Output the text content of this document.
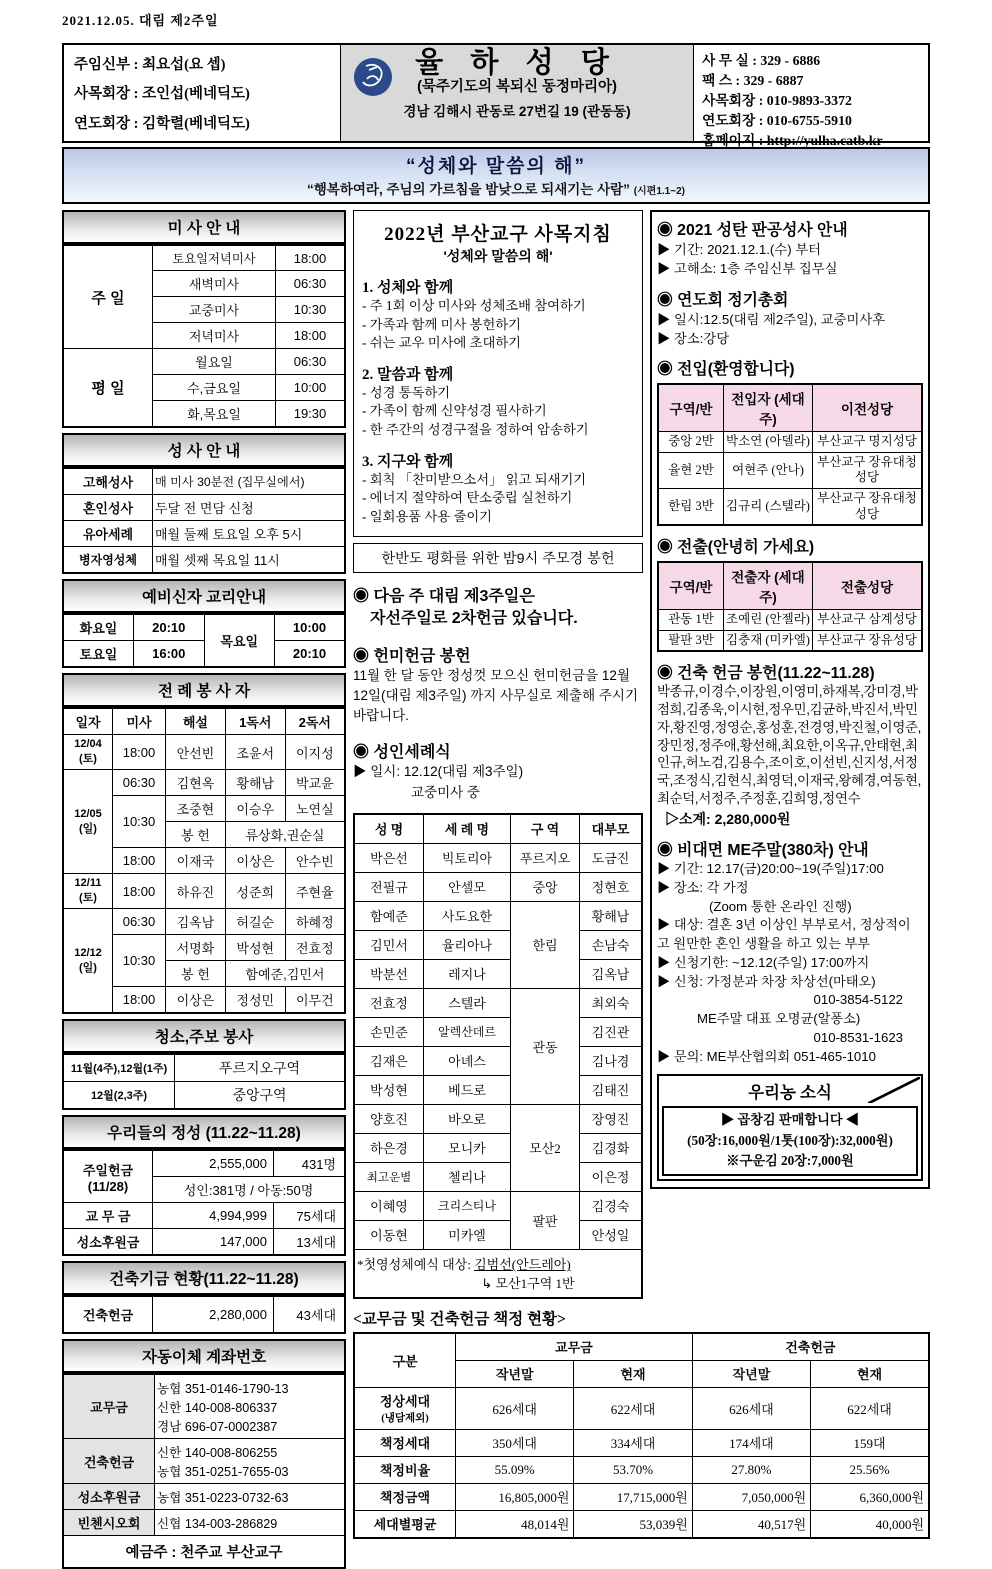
2021.12.05. 대림 제2주일
주임신부 : 최요섭(요 셉)
사목회장 : 조인섭(베네딕도)
연도회장 : 김학렬(베네딕도)
율 하 성 당
(묵주기도의 복되신 동정마리아)
경남 김해시 관동로 27번길 19 (관동동)
사 무 실 : 329 - 6886
팩 스 : 329 - 6887
사목회장 : 010-9893-3372
연도회장 : 010-6755-5910
홈페이지 : http://yulha.catb.kr
“성체와 말씀의 해”
“행복하여라, 주님의 가르침을 밤낮으로 되새기는 사람” (시편1.1~2)
미 사 안 내
주 일	토요일저녁미사	18:00
	새벽미사	06:30
	교중미사	10:30
	저녁미사	18:00
평 일	월요일	06:30
	수,금요일	10:00
	화,목요일	19:30
성 사 안 내
고해성사	매 미사 30분전 (집무실에서)
혼인성사	두달 전 면담 신청
유아세례	매월 둘째 토요일 오후 5시
병자영성체	매월 셋째 목요일 11시
예비신자 교리안내
화요일	20:10	목요일	10:00
토요일	16:00		20:10
전 례 봉 사 자
일자	미사	해설	1독서	2독서
12/04 (토)	18:00	안선빈	조윤서	이지성
12/05 (일)	06:30	김현옥	황해남	박교윤
	10:30	조중현	이승우	노연실
		봉 헌	류상화,권순실	
	18:00	이재국	이상은	안수빈
12/11 (토)	18:00	하유진	성준희	주현율
12/12 (일)	06:30	김옥남	허길순	하혜정
	10:30	서명화	박성현	전효정
		봉 헌	함예준,김민서	
	18:00	이상은	정성민	이무건
청소,주보 봉사
11월(4주),12월(1주)	푸르지오구역
12월(2,3주)	중앙구역
우리들의 정성 (11.22~11.28)
주일헌금
(11/28)	2,555,000	431명
	성인:381명 / 아동:50명	
교 무 금	4,994,999	75세대
성소후원금	147,000	13세대
건축기금 현황(11.22~11.28)
건축헌금	2,280,000	43세대
자동이체 계좌번호
교무금	농협 351-0146-1790-13
신한 140-008-806337
경남 696-07-0002387

건축헌금	신한 140-008-806255
농협 351-0251-7655-03

성소후원금	농협 351-0223-0732-63
빈첸시오회	신협 134-003-286829
예금주 : 천주교 부산교구	
2022년 부산교구 사목지침
'성체와 말씀의 해'
1. 성체와 함께
- 주 1회 이상 미사와 성체조배 참여하기
- 가족과 함께 미사 봉헌하기
- 쉬는 교우 미사에 초대하기
2. 말씀과 함께
- 성경 통독하기
- 가족이 함께 신약성경 필사하기
- 한 주간의 성경구절을 정하여 암송하기
3. 지구와 함께
- 회칙 「찬미받으소서」 읽고 되새기기
- 에너지 절약하여 탄소중립 실천하기
- 일회용품 사용 줄이기
한반도 평화를 위한 밤9시 주모경 봉헌
◉ 다음 주 대림 제3주일은
자선주일로 2차헌금 있습니다.
◉ 헌미헌금 봉헌
11월 한 달 동안 정성껏 모으신 헌미헌금을 12월 12일(대림 제3주일) 까지 사무실로 제출해 주시기 바랍니다.
◉ 성인세례식
▶ 일시: 12.12(대림 제3주일)
교중미사 중
성 명	세 례 명	구 역	대부모
박은선	빅토리아	푸르지오	도금진
전필규	안셀모	중앙	정현호
함예준	사도요한	한림	황해남
김민서	율리아나		손남숙
박분선	레지나		김옥남
전효정	스텔라	관동	최외숙
손민준	알렉산데르		김진관
김재은	아녜스		김나경
박성현	베드로		김태진
양호진	바오로	모산2	장영진
하은경	모니카		김경화
최고운별	첼리나		이은정
이혜영	크리스티나	팔판	김경숙
이동현	미카엘		안성일
*첫영성체예식 대상: 김범선(안드레아)
↳ 모산1구역 1반			
◉ 2021 성탄 판공성사 안내
▶ 기간: 2021.12.1.(수) 부터
▶ 고해소: 1층 주임신부 집무실
◉ 연도회 정기총회
▶ 일시:12.5(대림 제2주일), 교중미사후
▶ 장소:강당
◉ 전입(환영합니다)
구역/반	전입자 (세대주)	이전성당
중앙 2반	박소연 (아델라)	부산교구 명지성당
율현 2반	여현주 (안나)	부산교구 장유대청성당
한림 3반	김규리 (스텔라)	부산교구 장유대청성당
◉ 전출(안녕히 가세요)
구역/반	전출자 (세대주)	전출성당
관동 1반	조예린 (안젤라)	부산교구 삼계성당
팔판 3반	김충재 (미카엘)	부산교구 장유성당
◉ 건축 헌금 봉헌(11.22~11.28)
박종규,이경수,이장원,이영미,하재복,강미경,박점희,김종욱,이시현,정우민,김균하,박진서,박민자,황진영,정영순,홍성훈,전경영,박진철,이영준,장민정,정주애,황선해,최요한,이옥규,안태현,최인규,허노검,김용수,조이호,이선빈,신지성,서정국,조정식,김현식,최영덕,이재국,왕혜경,여동현,최순덕,서정주,주정훈,김희영,정연수
▷소계: 2,280,000원
◉ 비대면 ME주말(380차) 안내
▶ 기간: 12.17(금)20:00~19(주일)17:00
▶ 장소: 각 가정
(Zoom 통한 온라인 진행)
▶ 대상: 결혼 3년 이상인 부부로서, 정상적이고 원만한 혼인 생활을 하고 있는 부부
▶ 신청기한: ~12.12(주일) 17:00까지
▶ 신청: 가정분과 차장 차상선(마태오)
010-3854-5122
ME주말 대표 오명균(알퐁소)
010-8531-1623
▶ 문의: ME부산협의회 051-465-1010
우리농 소식
▶ 곱창김 판매합니다 ◀
(50장:16,000원/1톳(100장):32,000원)
※구운김 20장:7,000원
<교무금 및 건축헌금 책정 현황>
구분	교무금		건축헌금	
	작년말	현재	작년말	현재

정상세대
(냉담제외)	626세대	622세대	626세대	622세대
책정세대	350세대	334세대	174세대	159대
책정비율	55.09%	53.70%	27.80%	25.56%
책정금액	16,805,000원	17,715,000원	7,050,000원	6,360,000원
세대별평균	48,014원	53,039원	40,517원	40,000원
